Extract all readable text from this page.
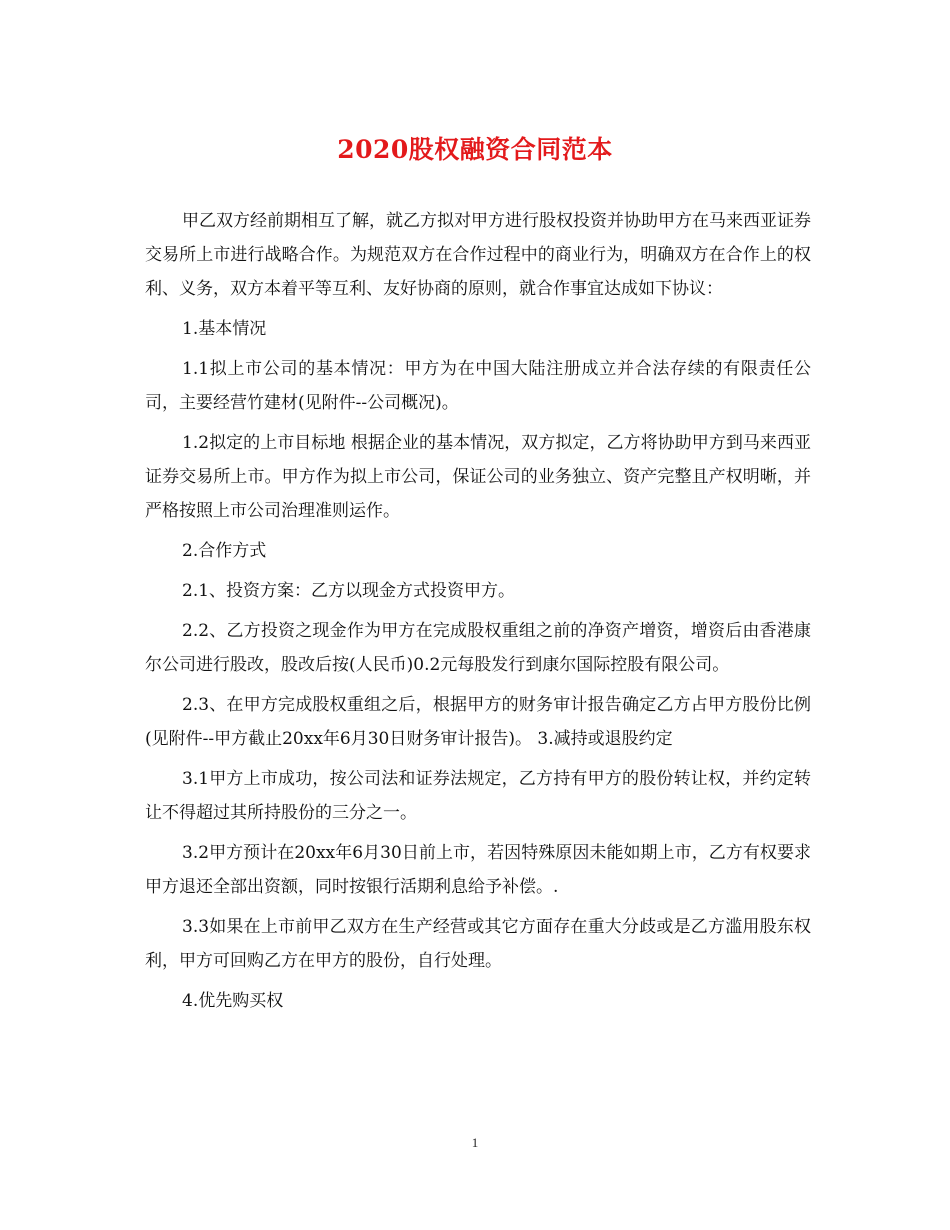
2020股权融资合同范本

甲乙双方经前期相互了解，就乙方拟对甲方进行股权投资并协助甲方在马来西亚证券交易所上市进行战略合作。为规范双方在合作过程中的商业行为，明确双方在合作上的权利、义务，双方本着平等互利、友好协商的原则，就合作事宜达成如下协议：

1.基本情况

1.1拟上市公司的基本情况：甲方为在中国大陆注册成立并合法存续的有限责任公司，主要经营竹建材(见附件--公司概况)。

1.2拟定的上市目标地 根据企业的基本情况，双方拟定，乙方将协助甲方到马来西亚证券交易所上市。甲方作为拟上市公司，保证公司的业务独立、资产完整且产权明晰，并严格按照上市公司治理准则运作。

2.合作方式

2.1、投资方案：乙方以现金方式投资甲方。

2.2、乙方投资之现金作为甲方在完成股权重组之前的净资产增资，增资后由香港康尔公司进行股改，股改后按(人民币)0.2元每股发行到康尔国际控股有限公司。

2.3、在甲方完成股权重组之后，根据甲方的财务审计报告确定乙方占甲方股份比例(见附件--甲方截止20xx年6月30日财务审计报告)。 3.减持或退股约定

3.1甲方上市成功，按公司法和证券法规定，乙方持有甲方的股份转让权，并约定转让不得超过其所持股份的三分之一。

3.2甲方预计在20xx年6月30日前上市，若因特殊原因未能如期上市，乙方有权要求甲方退还全部出资额，同时按银行活期利息给予补偿。.

3.3如果在上市前甲乙双方在生产经营或其它方面存在重大分歧或是乙方滥用股东权利，甲方可回购乙方在甲方的股份，自行处理。

4.优先购买权

1
